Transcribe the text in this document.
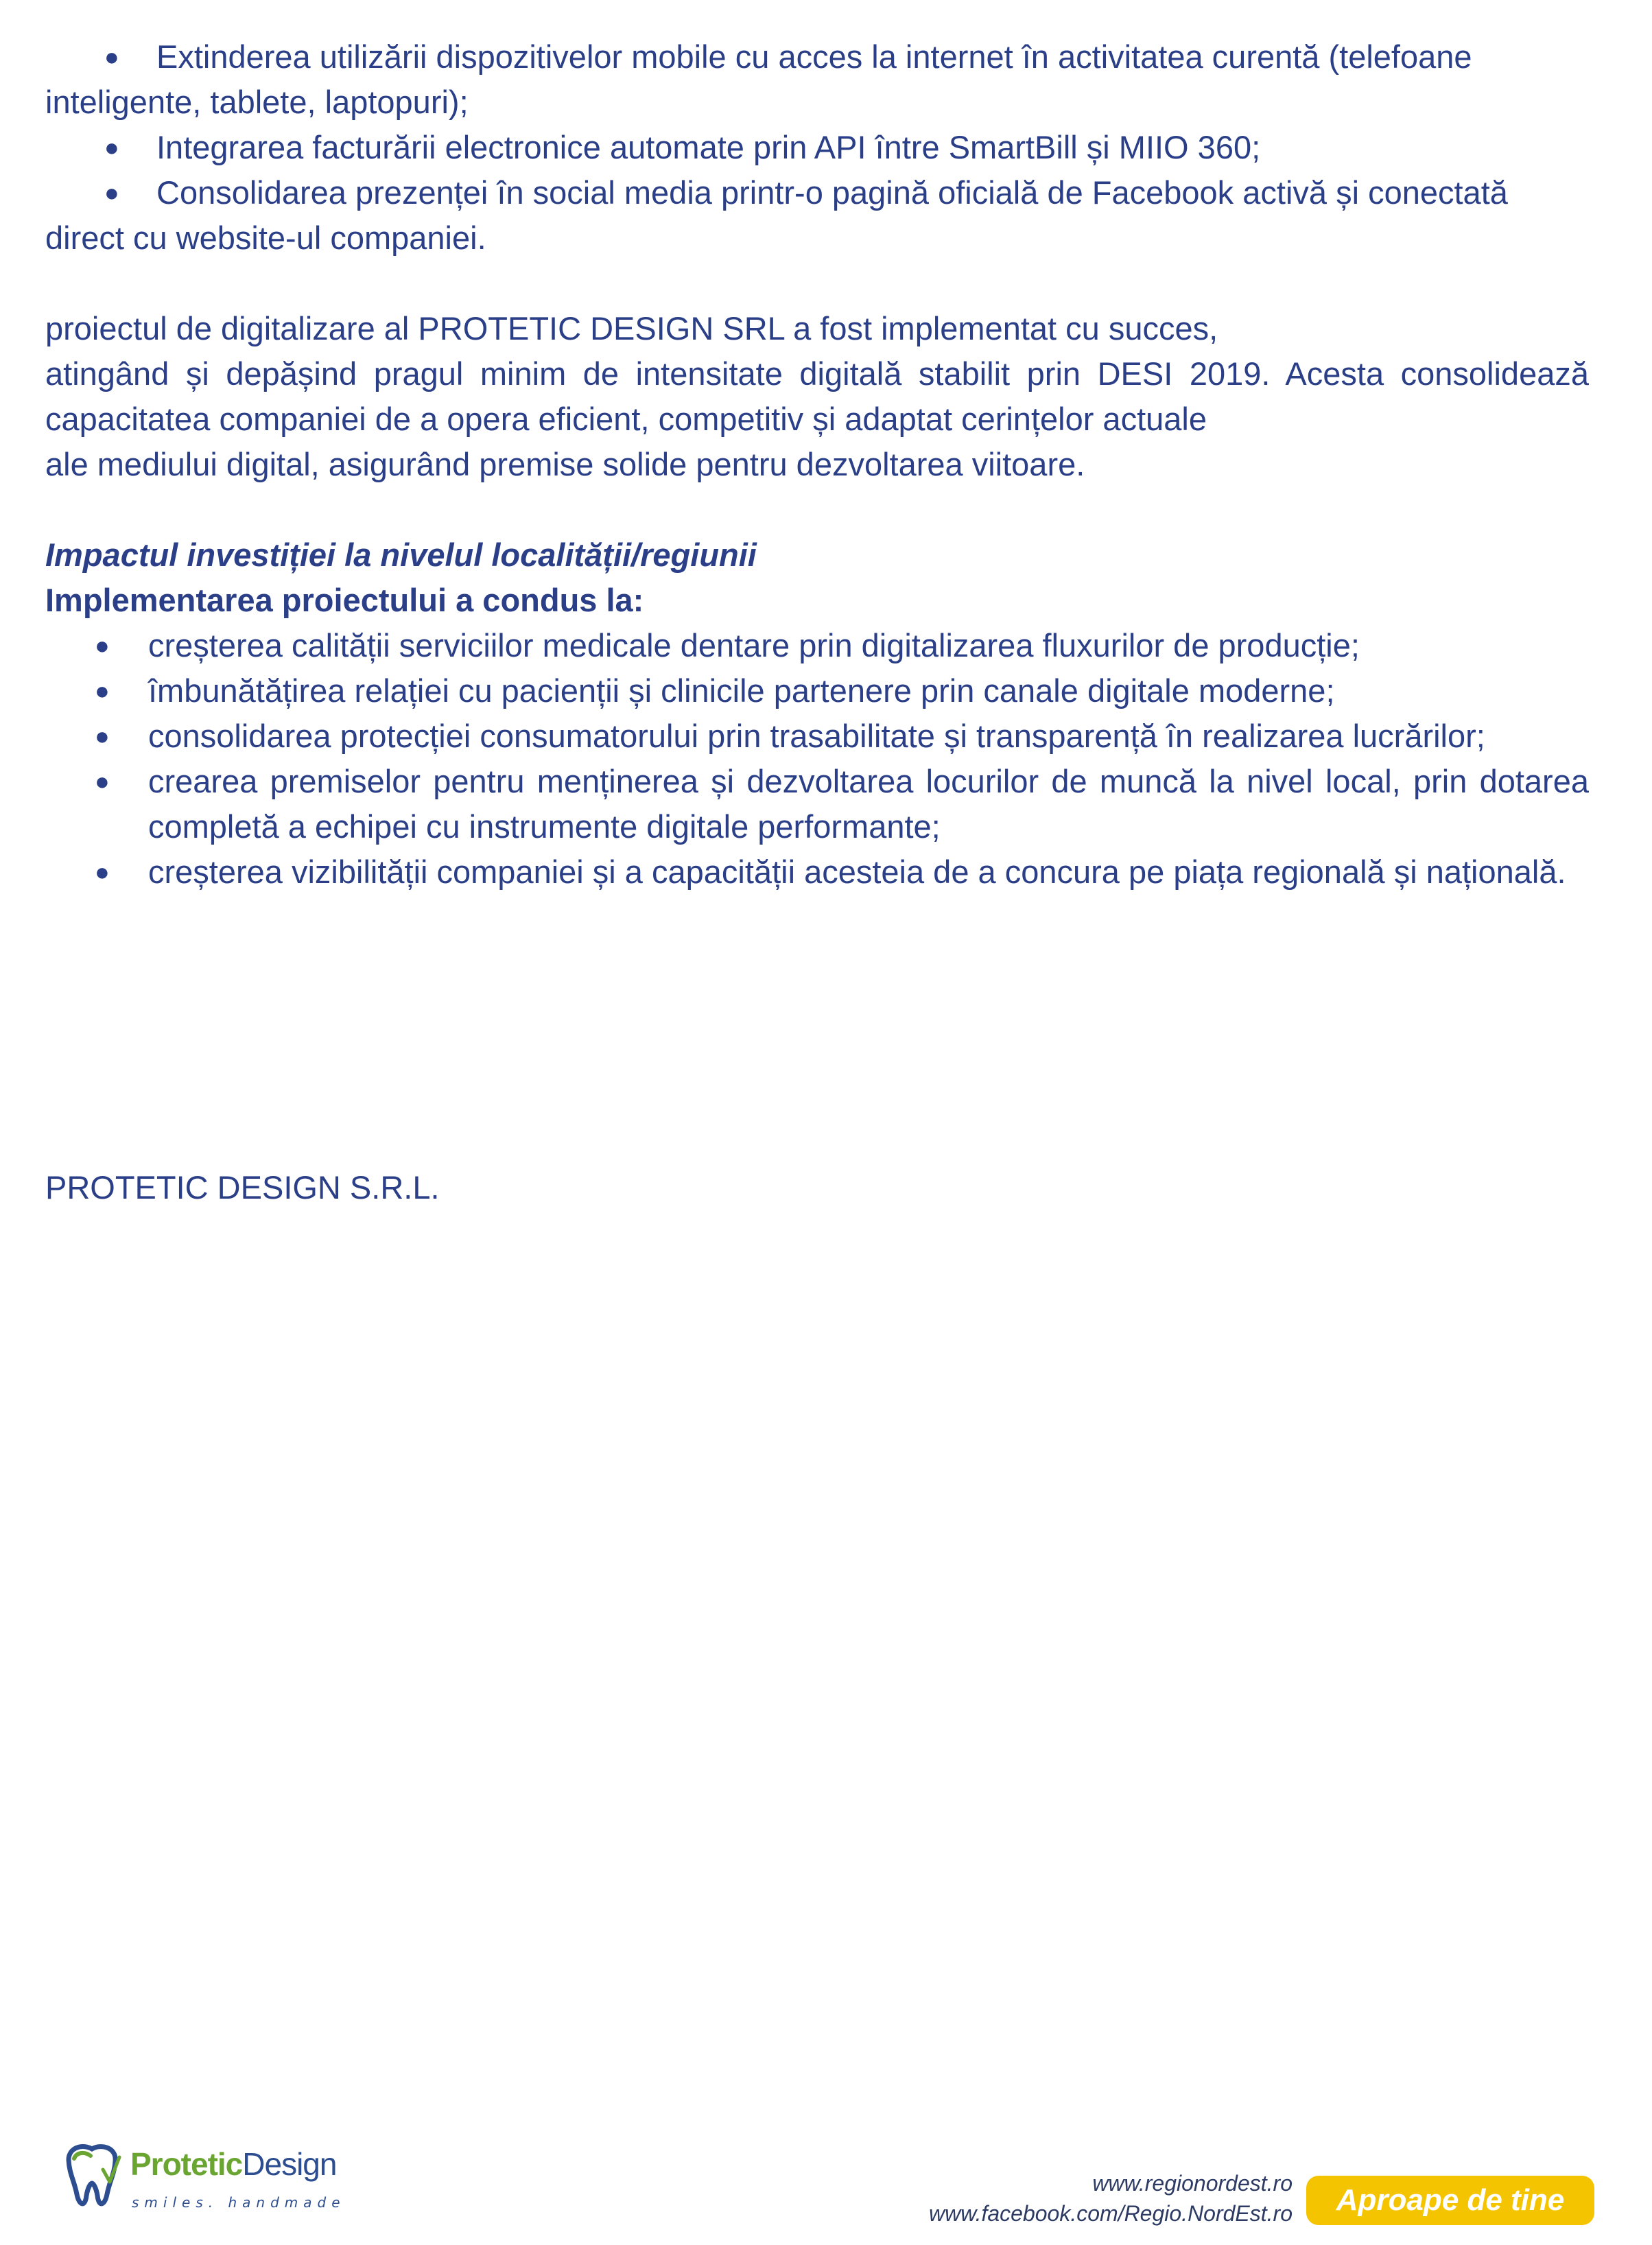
● Extinderea utilizării dispozitivelor mobile cu acces la internet în activitatea curentă (telefoane inteligente, tablete, laptopuri);

● Integrarea facturării electronice automate prin API între SmartBill și MIIO 360;

● Consolidarea prezenței în social media printr-o pagină oficială de Facebook activă și conectată direct cu website-ul companiei.

proiectul de digitalizare al PROTETIC DESIGN SRL a fost implementat cu succes,

atingând și depășind pragul minim de intensitate digitală stabilit prin DESI 2019. Acesta consolidează capacitatea companiei de a opera eficient, competitiv și adaptat cerințelor actuale

ale mediului digital, asigurând premise solide pentru dezvoltarea viitoare.

Impactul investiției la nivelul localității/regiunii

Implementarea proiectului a condus la:

● creșterea calității serviciilor medicale dentare prin digitalizarea fluxurilor de producție;
● îmbunătățirea relației cu pacienții și clinicile partenere prin canale digitale moderne;
● consolidarea protecției consumatorului prin trasabilitate și transparență în realizarea lucrărilor;
● crearea premiselor pentru menținerea și dezvoltarea locurilor de muncă la nivel local, prin dotarea completă a echipei cu instrumente digitale performante;
● creșterea vizibilității companiei și a capacității acesteia de a concura pe piața regională și națională.

PROTETIC DESIGN S.R.L.

ProteticDesign
smiles. handmade
www.regionordest.ro
www.facebook.com/Regio.NordEst.ro	Aproape de tine
